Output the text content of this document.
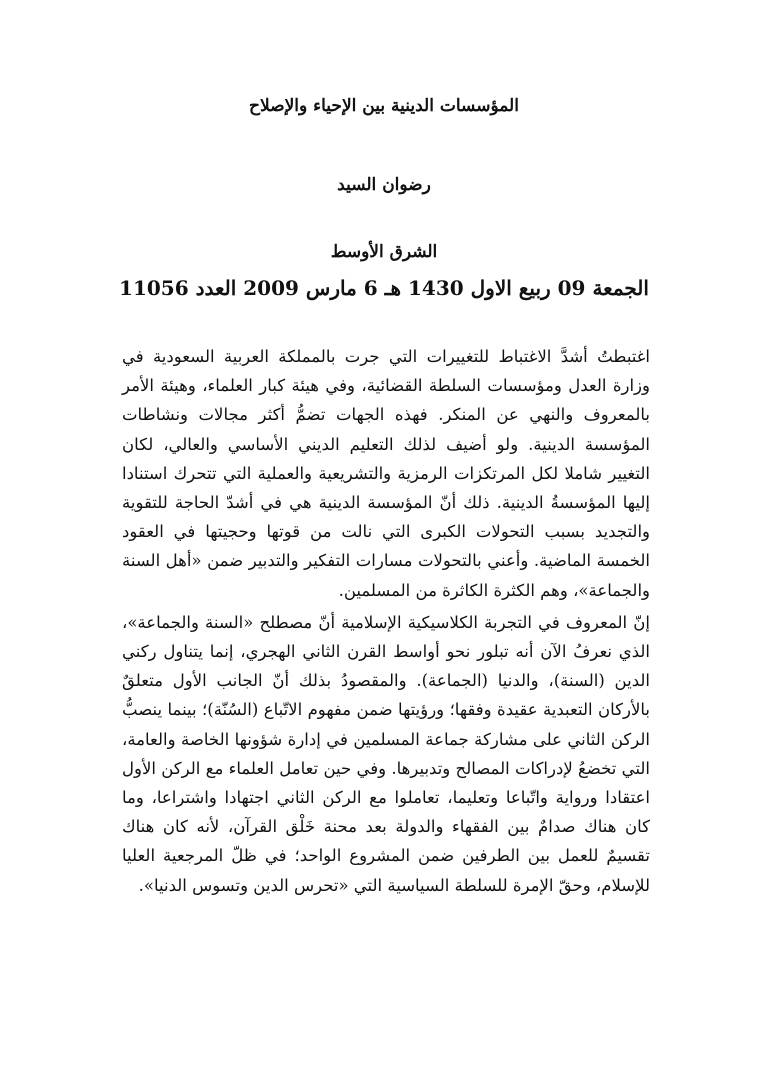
المؤسسات الدينية بين الإحياء والإصلاح
رضوان السيد
الشرق الأوسط
الجمعة 09 ربيع الاول 1430 هـ 6 مارس 2009 العدد 11056

اغتبطتُ أشدَّ الاغتباط للتغييرات التي جرت بالمملكة العربية السعودية في وزارة العدل ومؤسسات السلطة القضائية، وفي هيئة كبار العلماء، وهيئة الأمر بالمعروف والنهي عن المنكر. فهذه الجهات تضمُّ أكثر مجالات ونشاطات المؤسسة الدينية. ولو أضيف لذلك التعليم الديني الأساسي والعالي، لكان التغيير شاملا لكل المرتكزات الرمزية والتشريعية والعملية التي تتحرك استنادا إليها المؤسسةُ الدينية. ذلك أنّ المؤسسة الدينية هي في أشدّ الحاجة للتقوية والتجديد بسبب التحولات الكبرى التي نالت من قوتها وحجيتها في العقود الخمسة الماضية. وأعني بالتحولات مسارات التفكير والتدبير ضمن «أهل السنة والجماعة»، وهم الكثرة الكاثرة من المسلمين.

إنّ المعروف في التجربة الكلاسيكية الإسلامية أنّ مصطلح «السنة والجماعة»، الذي نعرفُ الآن أنه تبلور نحو أواسط القرن الثاني الهجري، إنما يتناول ركني الدين (السنة)، والدنيا (الجماعة). والمقصودُ بذلك أنّ الجانب الأول متعلقٌ بالأركان التعبدية عقيدة وفقها؛ ورؤيتها ضمن مفهوم الاتّباع (السُنّة)؛ بينما ينصبُّ الركن الثاني على مشاركة جماعة المسلمين في إدارة شؤونها الخاصة والعامة، التي تخضعُ لإدراكات المصالح وتدبيرها. وفي حين تعامل العلماء مع الركن الأول اعتقادا ورواية واتّباعا وتعليما، تعاملوا مع الركن الثاني اجتهادا واشتراعا، وما كان هناك صدامٌ بين الفقهاء والدولة بعد محنة خَلْق القرآن، لأنه كان هناك تقسيمٌ للعمل بين الطرفين ضمن المشروع الواحد؛ في ظلّ المرجعية العليا للإسلام، وحقّ الإمرة للسلطة السياسية التي «تحرس الدين وتسوس الدنيا».
